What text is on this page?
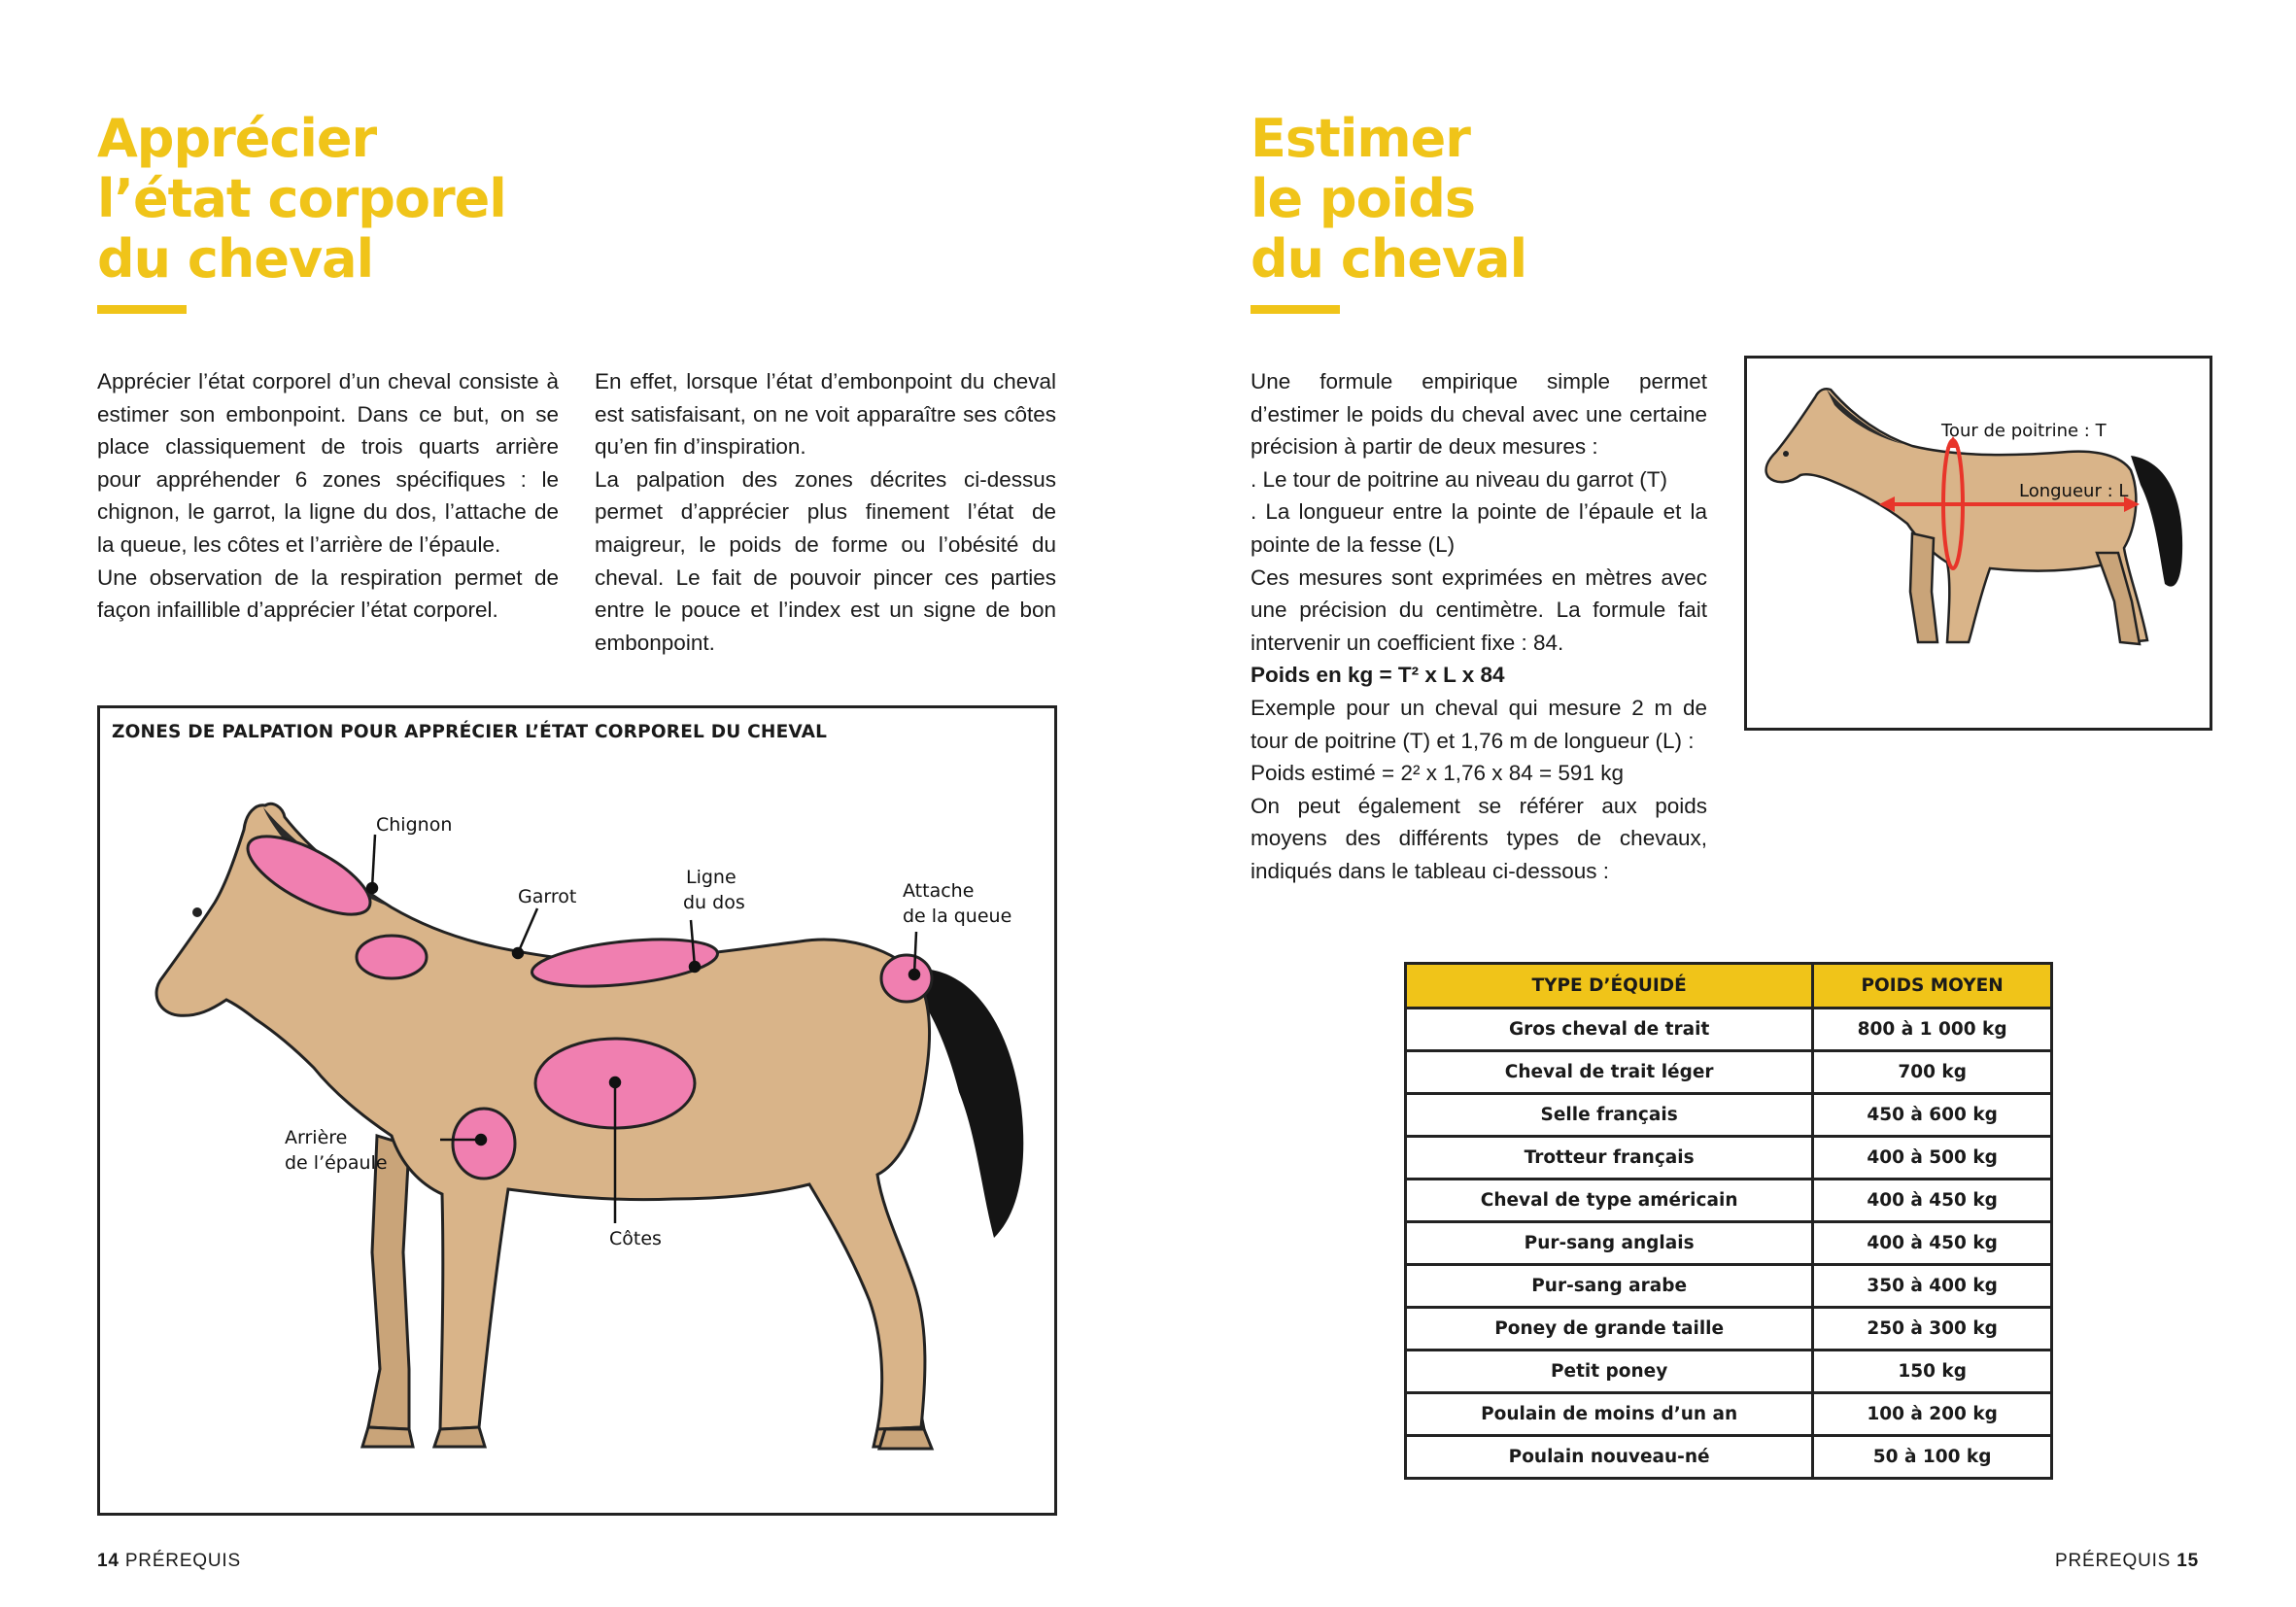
Apprécier
l’état corporel
du cheval

Apprécier l’état corporel d’un cheval consiste à estimer son embonpoint. Dans ce but, on se place classiquement de trois quarts arrière pour appréhender 6 zones spécifiques : le chignon, le garrot, la ligne du dos, l’attache de la queue, les côtes et l’arrière de l’épaule.

Une observation de la respiration permet de façon infaillible d’apprécier l’état corporel.

En effet, lorsque l’état d’embonpoint du cheval est satisfaisant, on ne voit apparaître ses côtes qu’en fin d’inspiration.

La palpation des zones décrites ci-dessus permet d’apprécier plus finement l’état de maigreur, le poids de forme ou l’obésité du cheval. Le fait de pouvoir pincer ces parties entre le pouce et l’index est un signe de bon embonpoint.

ZONES DE PALPATION POUR APPRÉCIER L’ÉTAT CORPOREL DU CHEVAL
Chignon
Garrot
Ligne
du dos
Attache
de la queue
Arrière
de l’épaule
Côtes
14 PRÉREQUIS
Estimer
le poids
du cheval

Une formule empirique simple permet d’estimer le poids du cheval avec une certaine précision à partir de deux mesures :

. Le tour de poitrine au niveau du garrot (T)

. La longueur entre la pointe de l’épaule et la pointe de la fesse (L)

Ces mesures sont exprimées en mètres avec une précision du centimètre. La formule fait intervenir un coefficient fixe : 84.

Poids en kg = T² x L x 84

Exemple pour un cheval qui mesure 2 m de tour de poitrine (T) et 1,76 m de longueur (L) :

Poids estimé = 2² x 1,76 x 84 = 591 kg

On peut également se référer aux poids moyens des différents types de chevaux, indiqués dans le tableau ci-dessous :

Tour de poitrine : T
Longueur : L
TYPE D’ÉQUIDÉ	POIDS MOYEN
Gros cheval de trait	800 à 1 000 kg
Cheval de trait léger	700 kg
Selle français	450 à 600 kg
Trotteur français	400 à 500 kg
Cheval de type américain	400 à 450 kg
Pur-sang anglais	400 à 450 kg
Pur-sang arabe	350 à 400 kg
Poney de grande taille	250 à 300 kg
Petit poney	150 kg
Poulain de moins d’un an	100 à 200 kg
Poulain nouveau-né	50 à 100 kg
PRÉREQUIS 15
